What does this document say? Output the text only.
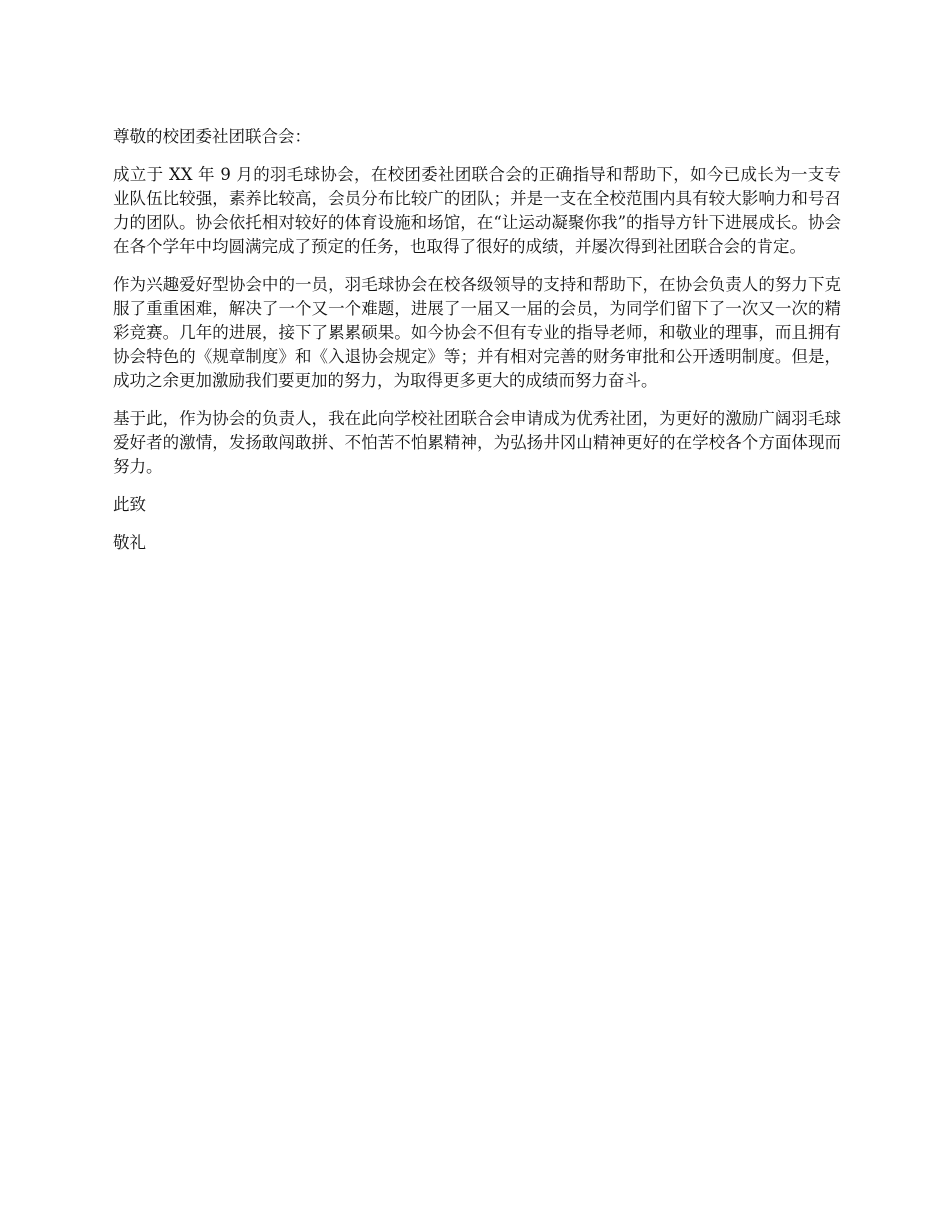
尊敬的校团委社团联合会：

成立于 XX 年 9 月的羽毛球协会，在校团委社团联合会的正确指导和帮助下，如今已成长为一支专业队伍比较强，素养比较高，会员分布比较广的团队；并是一支在全校范围内具有较大影响力和号召力的团队。协会依托相对较好的体育设施和场馆，在“让运动凝聚你我”的指导方针下进展成长。协会在各个学年中均圆满完成了预定的任务，也取得了很好的成绩，并屡次得到社团联合会的肯定。

作为兴趣爱好型协会中的一员，羽毛球协会在校各级领导的支持和帮助下，在协会负责人的努力下克服了重重困难，解决了一个又一个难题，进展了一届又一届的会员，为同学们留下了一次又一次的精彩竞赛。几年的进展，接下了累累硕果。如今协会不但有专业的指导老师，和敬业的理事，而且拥有协会特色的《规章制度》和《入退协会规定》等；并有相对完善的财务审批和公开透明制度。但是，成功之余更加激励我们要更加的努力，为取得更多更大的成绩而努力奋斗。

基于此，作为协会的负责人，我在此向学校社团联合会申请成为优秀社团，为更好的激励广阔羽毛球爱好者的激情，发扬敢闯敢拼、不怕苦不怕累精神，为弘扬井冈山精神更好的在学校各个方面体现而努力。

此致

敬礼
